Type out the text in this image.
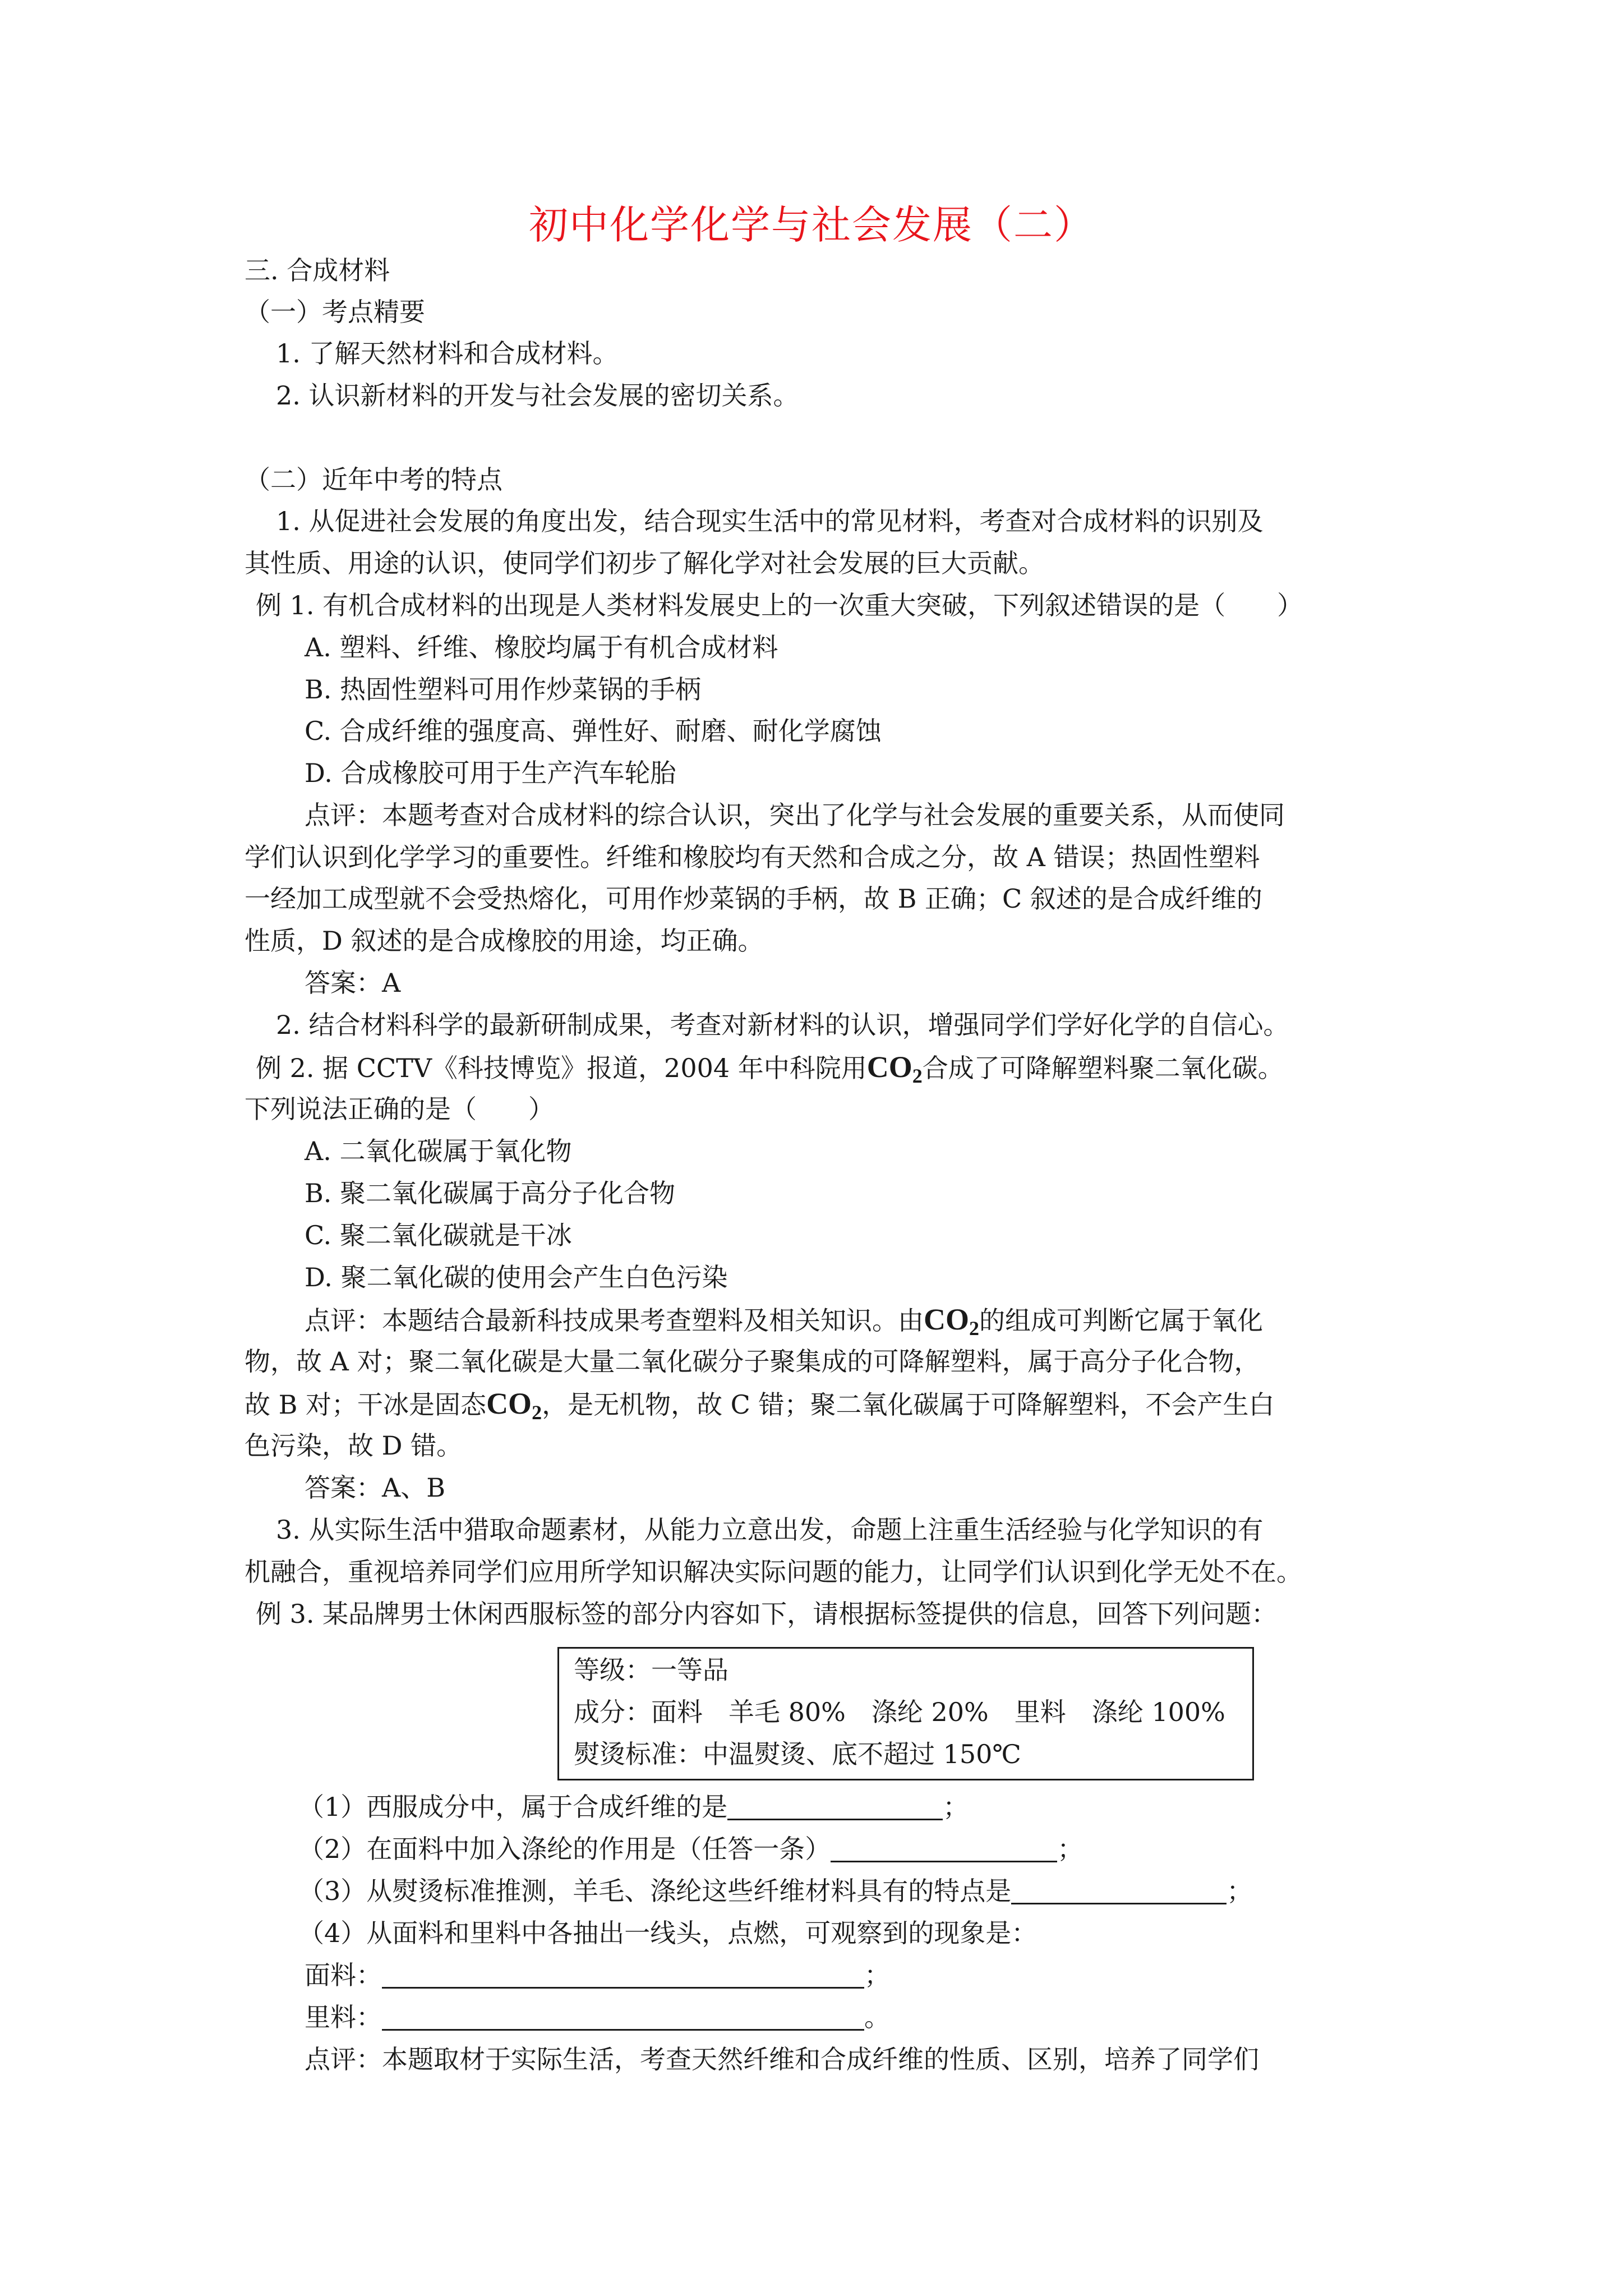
初中化学化学与社会发展（二）

三. 合成材料

（一）考点精要

1. 了解天然材料和合成材料。

2. 认识新材料的开发与社会发展的密切关系。

（二）近年中考的特点

1. 从促进社会发展的角度出发，结合现实生活中的常见材料，考查对合成材料的识别及

其性质、用途的认识，使同学们初步了解化学对社会发展的巨大贡献。

例 1. 有机合成材料的出现是人类材料发展史上的一次重大突破，下列叙述错误的是（　　）

A. 塑料、纤维、橡胶均属于有机合成材料

B. 热固性塑料可用作炒菜锅的手柄

C. 合成纤维的强度高、弹性好、耐磨、耐化学腐蚀

D. 合成橡胶可用于生产汽车轮胎

点评：本题考查对合成材料的综合认识，突出了化学与社会发展的重要关系，从而使同

学们认识到化学学习的重要性。纤维和橡胶均有天然和合成之分，故 A 错误；热固性塑料

一经加工成型就不会受热熔化，可用作炒菜锅的手柄，故 B 正确；C 叙述的是合成纤维的

性质，D 叙述的是合成橡胶的用途，均正确。

答案：A

2. 结合材料科学的最新研制成果，考查对新材料的认识，增强同学们学好化学的自信心。

例 2. 据 CCTV《科技博览》报道，2004 年中科院用$CO_2$合成了可降解塑料聚二氧化碳。

下列说法正确的是（　　）

A. 二氧化碳属于氧化物

B. 聚二氧化碳属于高分子化合物

C. 聚二氧化碳就是干冰

D. 聚二氧化碳的使用会产生白色污染

点评：本题结合最新科技成果考查塑料及相关知识。由$CO_2$的组成可判断它属于氧化

物，故 A 对；聚二氧化碳是大量二氧化碳分子聚集成的可降解塑料，属于高分子化合物，

故 B 对；干冰是固态$CO_2$，是无机物，故 C 错；聚二氧化碳属于可降解塑料，不会产生白

色污染，故 D 错。

答案：A、B

3. 从实际生活中猎取命题素材，从能力立意出发，命题上注重生活经验与化学知识的有

机融合，重视培养同学们应用所学知识解决实际问题的能力，让同学们认识到化学无处不在。

例 3. 某品牌男士休闲西服标签的部分内容如下，请根据标签提供的信息，回答下列问题：

等级：一等品

成分：面料　羊毛 80%　涤纶 20%　里料　涤纶 100%

熨烫标准：中温熨烫、底不超过 150℃

（1）西服成分中，属于合成纤维的是	；

（2）在面料中加入涤纶的作用是（任答一条）	；

（3）从熨烫标准推测，羊毛、涤纶这些纤维材料具有的特点是	；

（4）从面料和里料中各抽出一线头，点燃，可观察到的现象是：

面料：	；

里料：	。

点评：本题取材于实际生活，考查天然纤维和合成纤维的性质、区别，培养了同学们
